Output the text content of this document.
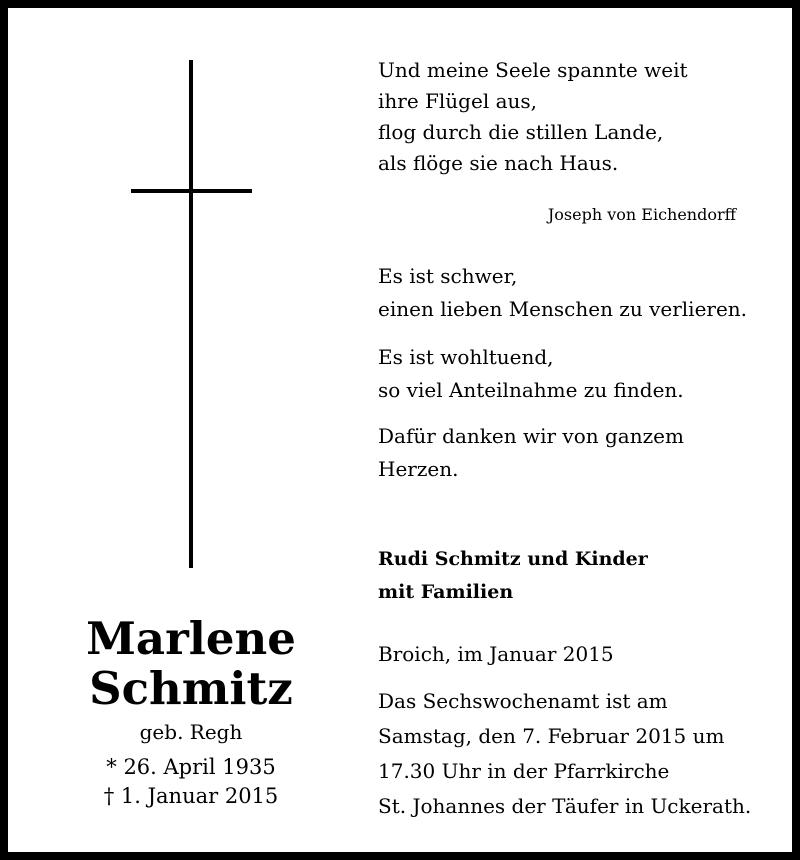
Marlene
Schmitz
geb. Regh
* 26. April 1935
† 1. Januar 2015
Und meine Seele spannte weit
ihre Flügel aus,
flog durch die stillen Lande,
als flöge sie nach Haus.
Joseph von Eichendorff
Es ist schwer,
einen lieben Menschen zu verlieren.
Es ist wohltuend,
so viel Anteilnahme zu finden.
Dafür danken wir von ganzem
Herzen.
Rudi Schmitz und Kinder
mit Familien
Broich, im Januar 2015
Das Sechswochenamt ist am
Samstag, den 7. Februar 2015 um
17.30 Uhr in der Pfarrkirche
St. Johannes der Täufer in Uckerath.
